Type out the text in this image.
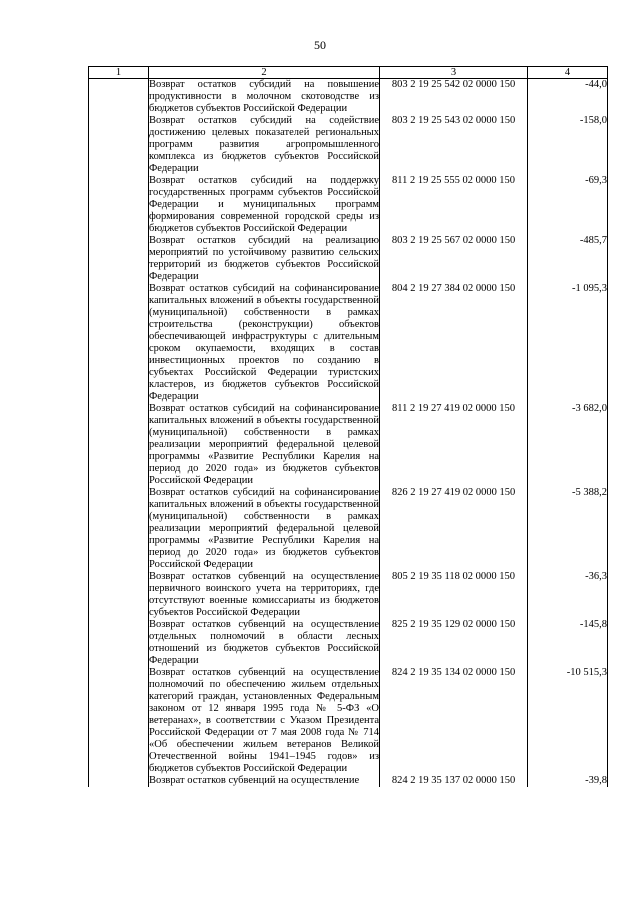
50
1	2	3	4
	Возврат остатков субсидий на повышение продуктивности в молочном скотоводстве из бюджетов субъектов Российской Федерации	803 2 19 25 542 02 0000 150	-44,0
	Возврат остатков субсидий на содействие достижению целевых показателей региональных программ развития агропромышленного комплекса из бюджетов субъектов Российской Федерации	803 2 19 25 543 02 0000 150	-158,0
	Возврат остатков субсидий на поддержку государственных программ субъектов Российской Федерации и муниципальных программ формирования современной городской среды из бюджетов субъектов Российской Федерации	811 2 19 25 555 02 0000 150	-69,3
	Возврат остатков субсидий на реализацию мероприятий по устойчивому развитию сельских территорий из бюджетов субъектов Российской Федерации	803 2 19 25 567 02 0000 150	-485,7
	Возврат остатков субсидий на софинансирование капитальных вложений в объекты государственной (муниципальной) собственности в рамках строительства (реконструкции) объектов обеспечивающей инфраструктуры с длительным сроком окупаемости, входящих в состав инвестиционных проектов по созданию в субъектах Российской Федерации туристских кластеров, из бюджетов субъектов Российской Федерации	804 2 19 27 384 02 0000 150	-1 095,3
	Возврат остатков субсидий на софинансирование капитальных вложений в объекты государственной (муниципальной) собственности в рамках реализации мероприятий федеральной целевой программы «Развитие Республики Карелия на период до 2020 года» из бюджетов субъектов Российской Федерации	811 2 19 27 419 02 0000 150	-3 682,0
	Возврат остатков субсидий на софинансирование капитальных вложений в объекты государственной (муниципальной) собственности в рамках реализации мероприятий федеральной целевой программы «Развитие Республики Карелия на период до 2020 года» из бюджетов субъектов Российской Федерации	826 2 19 27 419 02 0000 150	-5 388,2
	Возврат остатков субвенций на осуществление первичного воинского учета на территориях, где отсутствуют военные комиссариаты из бюджетов субъектов Российской Федерации	805 2 19 35 118 02 0000 150	-36,3
	Возврат остатков субвенций на осуществление отдельных полномочий в области лесных отношений из бюджетов субъектов Российской Федерации	825 2 19 35 129 02 0000 150	-145,8
	Возврат остатков субвенций на осуществление полномочий по обеспечению жильем отдельных категорий граждан, установленных Федеральным законом от 12 января 1995 года № 5-ФЗ «О ветеранах», в соответствии с Указом Президента Российской Федерации от 7 мая 2008 года № 714 «Об обеспечении жильем ветеранов Великой Отечественной войны 1941–1945 годов» из бюджетов субъектов Российской Федерации	824 2 19 35 134 02 0000 150	-10 515,3
	Возврат остатков субвенций на осуществление	824 2 19 35 137 02 0000 150	-39,8
